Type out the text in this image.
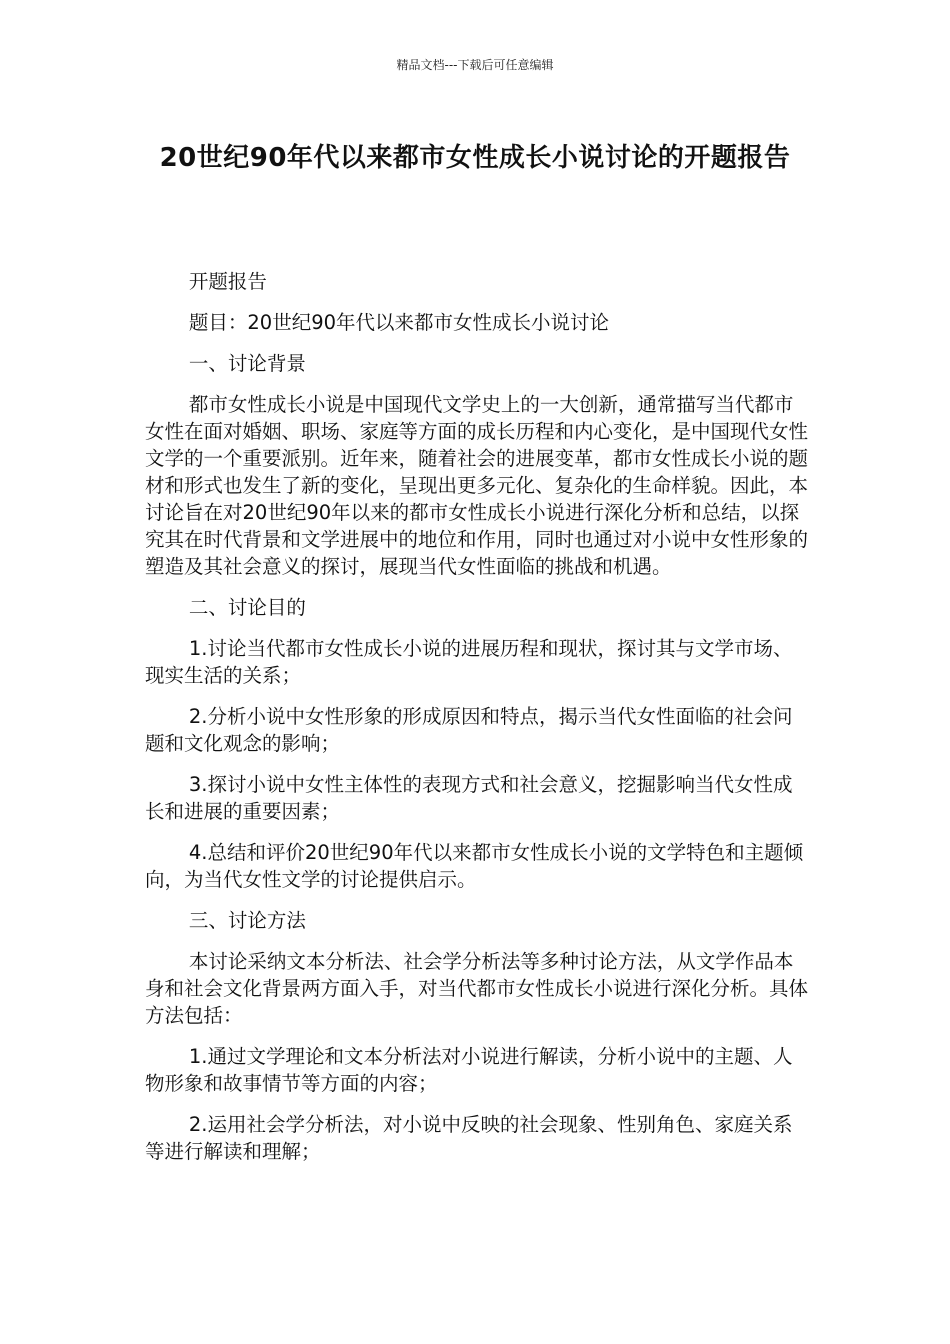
精品文档---下载后可任意编辑
20世纪90年代以来都市女性成长小说讨论的开题报告

开题报告

题目：20世纪90年代以来都市女性成长小说讨论

一、讨论背景

都市女性成长小说是中国现代文学史上的一大创新，通常描写当代都市女性在面对婚姻、职场、家庭等方面的成长历程和内心变化，是中国现代女性文学的一个重要派别。近年来，随着社会的进展变革，都市女性成长小说的题材和形式也发生了新的变化，呈现出更多元化、复杂化的生命样貌。因此，本讨论旨在对20世纪90年以来的都市女性成长小说进行深化分析和总结，以探究其在时代背景和文学进展中的地位和作用，同时也通过对小说中女性形象的塑造及其社会意义的探讨，展现当代女性面临的挑战和机遇。

二、讨论目的

1.讨论当代都市女性成长小说的进展历程和现状，探讨其与文学市场、现实生活的关系；

2.分析小说中女性形象的形成原因和特点，揭示当代女性面临的社会问题和文化观念的影响；

3.探讨小说中女性主体性的表现方式和社会意义，挖掘影响当代女性成长和进展的重要因素；

4.总结和评价20世纪90年代以来都市女性成长小说的文学特色和主题倾向，为当代女性文学的讨论提供启示。

三、讨论方法

本讨论采纳文本分析法、社会学分析法等多种讨论方法，从文学作品本身和社会文化背景两方面入手，对当代都市女性成长小说进行深化分析。具体方法包括：

1.通过文学理论和文本分析法对小说进行解读，分析小说中的主题、人物形象和故事情节等方面的内容；

2.运用社会学分析法，对小说中反映的社会现象、性别角色、家庭关系等进行解读和理解；
